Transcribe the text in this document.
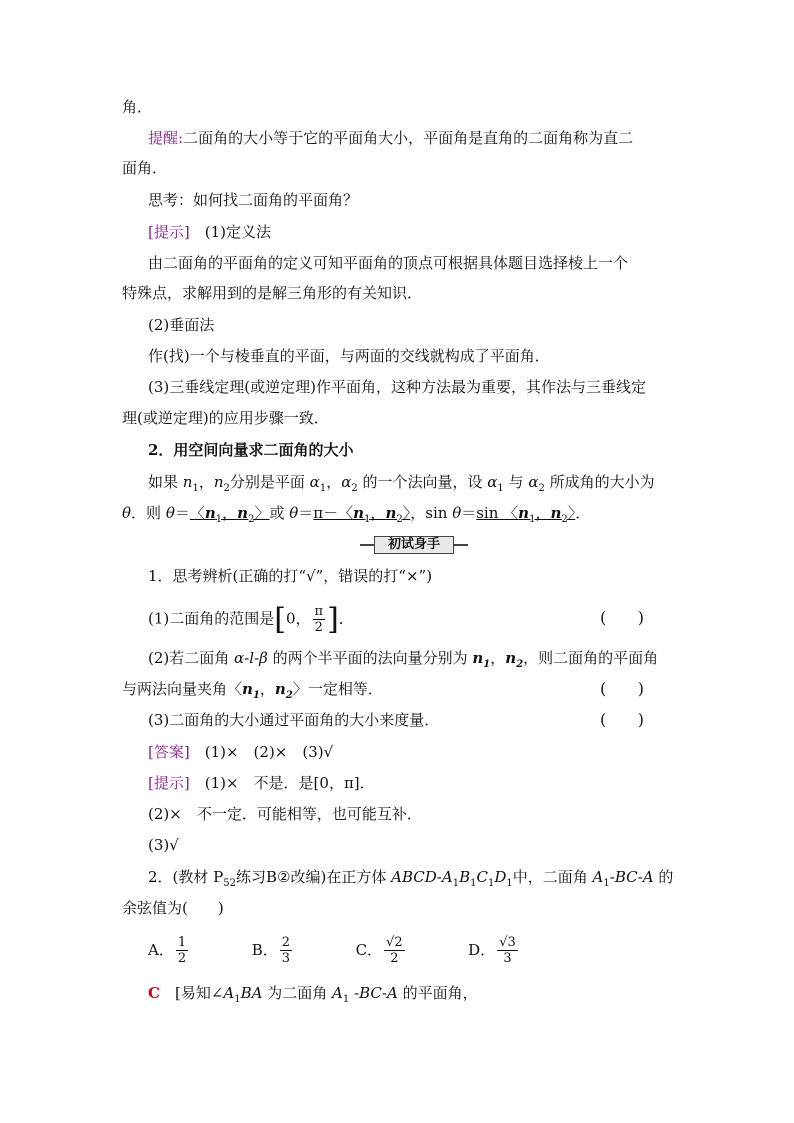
角．
提醒:二面角的大小等于它的平面角大小，平面角是直角的二面角称为直二
面角．
思考：如何找二面角的平面角？
[提示]　 (1)定义法
由二面角的平面角的定义可知平面角的顶点可根据具体题目选择棱上一个
特殊点，求解用到的是解三角形的有关知识．
(2)垂面法
作(找)一个与棱垂直的平面，与两面的交线就构成了平面角．
(3)三垂线定理(或逆定理)作平面角，这种方法最为重要，其作法与三垂线定
理(或逆定理)的应用步骤一致．
2．用空间向量求二面角的大小
如果 $n_1$，$n_2$分别是平面 $\alpha_1$，$\alpha_2$ 的一个法向量，设 $\alpha_1$ 与 $\alpha_2$ 所成角的大小为
θ．则 θ＝〈$n_1$，$n_2$〉或 θ＝π－〈$n_1$，$n_2$〉，sin θ＝sin 〈$n_1$，$n_2$〉．
初试身手
1．思考辨析(正确的打“√”，错误的打“×”)
(1)二面角的范围是[0， $\frac{\pi}{2}$ ]．	( )
(2)若二面角 α-l-β 的两个半平面的法向量分别为 $n_1$，$n_2$，则二面角的平面角
与两法向量夹角〈$n_1$，$n_2$〉一定相等．	( )
(3)二面角的大小通过平面角的大小来度量．	( )
[答案]　 (1)×　(2)×　(3)√
[提示]　 (1)×　不是．是[0，π]．
(2)×　不一定．可能相等，也可能互补．
(3)√
2．(教材 $P_{52}$练习B②改编)在正方体 ABCD-$A_1B_1C_1D_1$中，二面角 $A_1-BC-A$ 的
余弦值为(　　)
A． $\frac{1}{2}$	B． $\frac{2}{3}$	C． $\frac{√2}{2}$	D． $\frac{√3}{3}$
C　 [易知$\angle A_1BA$ 为二面角 $A_1$ -BC-A 的平面角，
